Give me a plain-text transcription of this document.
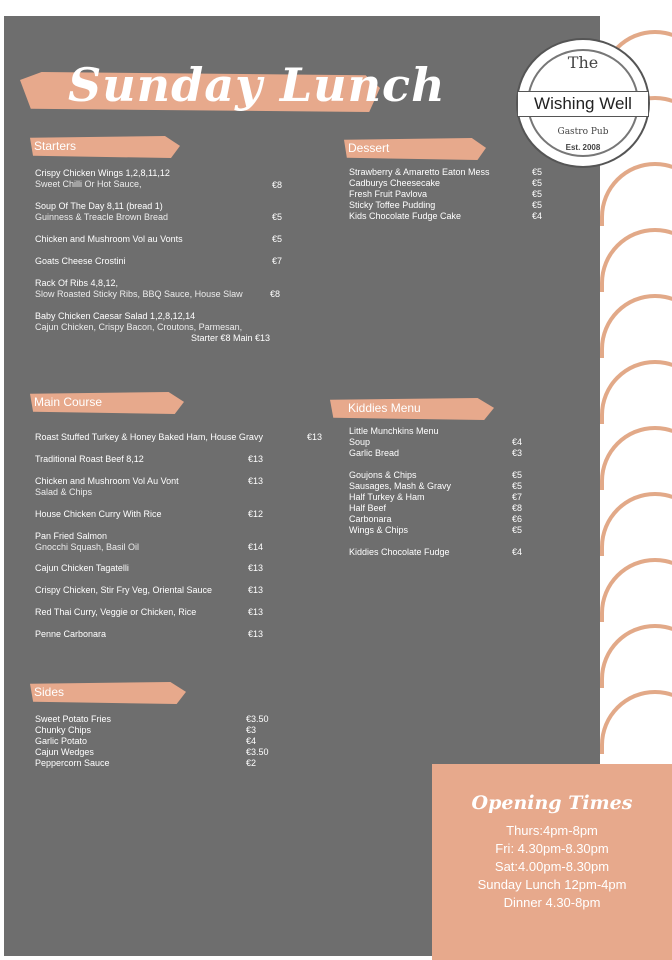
Sunday Lunch	The
Wishing Well
Gastro Pub
Est. 2008
Starters
Crispy Chicken Wings 1,2,8,11,12
Sweet Chilli Or Hot Sauce,	€8
Soup Of The Day 8,11 (bread 1)
Guinness & Treacle Brown Bread	€5
Chicken and Mushroom Vol au Vonts	€5
Goats Cheese Crostini	€7
Rack Of Ribs 4,8,12,
Slow Roasted Sticky Ribs, BBQ Sauce, House Slaw	€8
Baby Chicken Caesar Salad 1,2,8,12,14
Cajun Chicken, Crispy Bacon, Croutons, Parmesan,
Starter €8 Main €13
Dessert
Strawberry & Amaretto Eaton Mess	€5
Cadburys Cheesecake	€5
Fresh Fruit Pavlova	€5
Sticky Toffee Pudding	€5
Kids Chocolate Fudge Cake	€4
Main Course
Roast Stuffed Turkey & Honey Baked Ham, House Gravy	€13
Traditional Roast Beef 8,12	€13
Chicken and Mushroom Vol Au Vont
Salad & Chips
€13
House Chicken Curry With Rice	€12
Pan Fried Salmon
Gnocchi Squash, Basil Oil	€14
Cajun Chicken Tagatelli	€13
Crispy Chicken, Stir Fry Veg, Oriental Sauce	€13
Red Thai Curry, Veggie or Chicken, Rice	€13
Penne Carbonara	€13
Kiddies Menu
Little Munchkins Menu
Soup	€4
Garlic Bread	€3
Goujons & Chips	€5
Sausages, Mash & Gravy	€5
Half Turkey & Ham	€7
Half Beef	€8
Carbonara	€6
Wings & Chips	€5
Kiddies Chocolate Fudge	€4
Sides
Sweet Potato Fries	€3.50
Chunky Chips	€3
Garlic Potato	€4
Cajun Wedges	€3.50
Peppercorn Sauce	€2
Opening Times
Thurs:4pm-8pm
Fri: 4.30pm-8.30pm
Sat:4.00pm-8.30pm
Sunday Lunch 12pm-4pm
Dinner 4.30-8pm
